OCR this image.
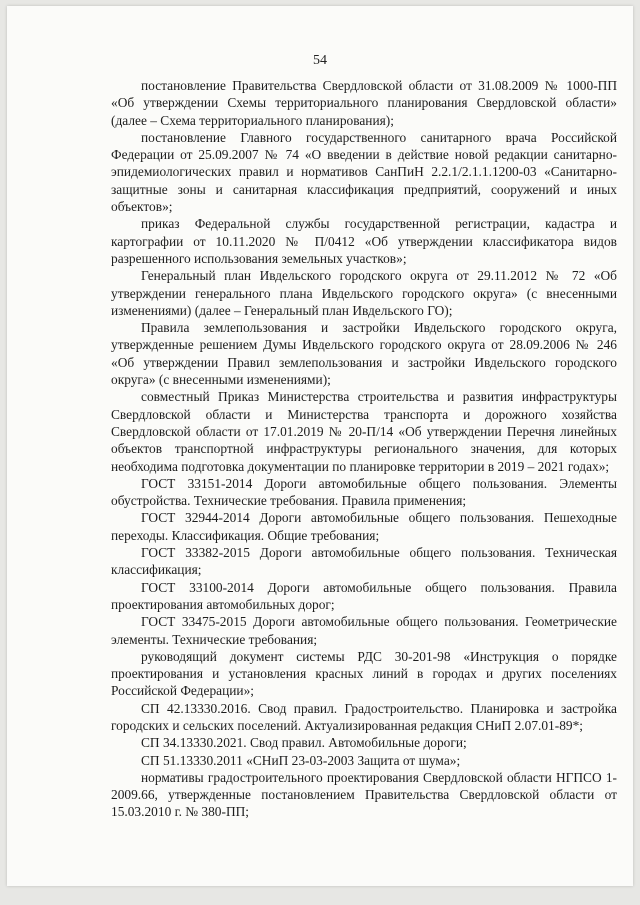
54

постановление Правительства Свердловской области от 31.08.2009 № 1000-ПП «Об утверждении Схемы территориального планирования Свердловской области» (далее – Схема территориального планирования);

постановление Главного государственного санитарного врача Российской Федерации от 25.09.2007 № 74 «О введении в действие новой редакции санитарно-эпидемиологических правил и нормативов СанПиН 2.2.1/2.1.1.1200-03 «Санитарно-защитные зоны и санитарная классификация предприятий, сооружений и иных объектов»;

приказ Федеральной службы государственной регистрации, кадастра и картографии от 10.11.2020 № П/0412 «Об утверждении классификатора видов разрешенного использования земельных участков»;

Генеральный план Ивдельского городского округа от 29.11.2012 № 72 «Об утверждении генерального плана Ивдельского городского округа» (с внесенными изменениями) (далее – Генеральный план Ивдельского ГО);

Правила землепользования и застройки Ивдельского городского округа, утвержденные решением Думы Ивдельского городского округа от 28.09.2006 № 246 «Об утверждении Правил землепользования и застройки Ивдельского городского округа» (с внесенными изменениями);

совместный Приказ Министерства строительства и развития инфраструктуры Свердловской области и Министерства транспорта и дорожного хозяйства Свердловской области от 17.01.2019 № 20-П/14 «Об утверждении Перечня линейных объектов транспортной инфраструктуры регионального значения, для которых необходима подготовка документации по планировке территории в 2019 – 2021 годах»;

ГОСТ 33151-2014 Дороги автомобильные общего пользования. Элементы обустройства. Технические требования. Правила применения;

ГОСТ 32944-2014 Дороги автомобильные общего пользования. Пешеходные переходы. Классификация. Общие требования;

ГОСТ 33382-2015 Дороги автомобильные общего пользования. Техническая классификация;

ГОСТ 33100-2014 Дороги автомобильные общего пользования. Правила проектирования автомобильных дорог;

ГОСТ 33475-2015 Дороги автомобильные общего пользования. Геометрические элементы. Технические требования;

руководящий документ системы РДС 30-201-98 «Инструкция о порядке проектирования и установления красных линий в городах и других поселениях Российской Федерации»;

СП 42.13330.2016. Свод правил. Градостроительство. Планировка и застройка городских и сельских поселений. Актуализированная редакция СНиП 2.07.01-89*;

СП 34.13330.2021. Свод правил. Автомобильные дороги;

СП 51.13330.2011 «СНиП 23-03-2003 Защита от шума»;

нормативы градостроительного проектирования Свердловской области НГПСО 1-2009.66, утвержденные постановлением Правительства Свердловской области от 15.03.2010 г. № 380-ПП;
